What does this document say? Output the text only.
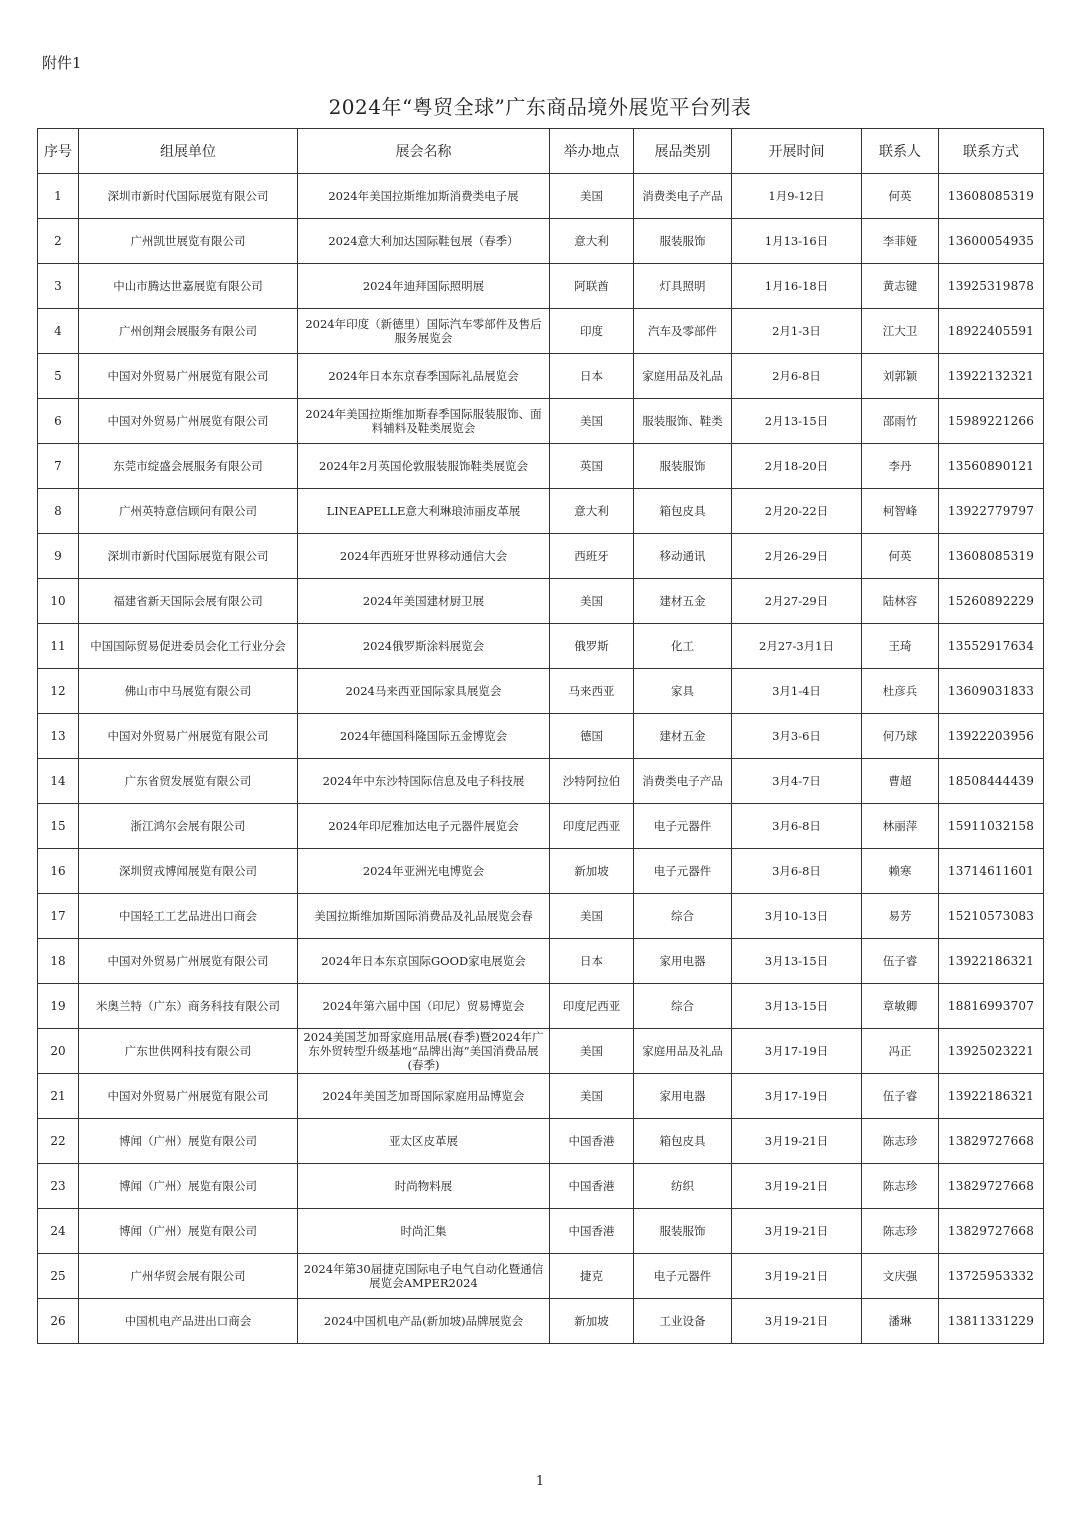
附件1
2024年“粤贸全球”广东商品境外展览平台列表
序号	组展单位	展会名称	举办地点	展品类别	开展时间	联系人	联系方式
1	深圳市新时代国际展览有限公司	2024年美国拉斯维加斯消费类电子展	美国	消费类电子产品	1月9-12日	何英	13608085319
2	广州凯世展览有限公司	2024意大利加达国际鞋包展（春季）	意大利	服装服饰	1月13-16日	李菲娅	13600054935
3	中山市腾达世嘉展览有限公司	2024年迪拜国际照明展	阿联酋	灯具照明	1月16-18日	黄志键	13925319878
4	广州创翔会展服务有限公司	2024年印度（新德里）国际汽车零部件及售后服务展览会	印度	汽车及零部件	2月1-3日	江大卫	18922405591
5	中国对外贸易广州展览有限公司	2024年日本东京春季国际礼品展览会	日本	家庭用品及礼品	2月6-8日	刘郭颖	13922132321
6	中国对外贸易广州展览有限公司	2024年美国拉斯维加斯春季国际服装服饰、面料辅料及鞋类展览会	美国	服装服饰、鞋类	2月13-15日	邵雨竹	15989221266
7	东莞市绽盛会展服务有限公司	2024年2月英国伦敦服装服饰鞋类展览会	英国	服装服饰	2月18-20日	李丹	13560890121
8	广州英特意信顾问有限公司	LINEAPELLE意大利琳琅沛丽皮革展	意大利	箱包皮具	2月20-22日	柯智峰	13922779797
9	深圳市新时代国际展览有限公司	2024年西班牙世界移动通信大会	西班牙	移动通讯	2月26-29日	何英	13608085319
10	福建省新天国际会展有限公司	2024年美国建材厨卫展	美国	建材五金	2月27-29日	陆林容	15260892229
11	中国国际贸易促进委员会化工行业分会	2024俄罗斯涂料展览会	俄罗斯	化工	2月27-3月1日	王琦	13552917634
12	佛山市中马展览有限公司	2024马来西亚国际家具展览会	马来西亚	家具	3月1-4日	杜彦兵	13609031833
13	中国对外贸易广州展览有限公司	2024年德国科隆国际五金博览会	德国	建材五金	3月3-6日	何乃球	13922203956
14	广东省贸发展览有限公司	2024年中东沙特国际信息及电子科技展	沙特阿拉伯	消费类电子产品	3月4-7日	曹超	18508444439
15	浙江鸿尔会展有限公司	2024年印尼雅加达电子元器件展览会	印度尼西亚	电子元器件	3月6-8日	林丽萍	15911032158
16	深圳贸戎博闻展览有限公司	2024年亚洲光电博览会	新加坡	电子元器件	3月6-8日	赖寒	13714611601
17	中国轻工工艺品进出口商会	美国拉斯维加斯国际消费品及礼品展览会春	美国	综合	3月10-13日	易芳	15210573083
18	中国对外贸易广州展览有限公司	2024年日本东京国际GOOD家电展览会	日本	家用电器	3月13-15日	伍子睿	13922186321
19	米奥兰特（广东）商务科技有限公司	2024年第六届中国（印尼）贸易博览会	印度尼西亚	综合	3月13-15日	章敏卿	18816993707
20	广东世供网科技有限公司	2024美国芝加哥家庭用品展(春季)暨2024年广东外贸转型升级基地“品牌出海”美国消费品展(春季)	美国	家庭用品及礼品	3月17-19日	冯正	13925023221
21	中国对外贸易广州展览有限公司	2024年美国芝加哥国际家庭用品博览会	美国	家用电器	3月17-19日	伍子睿	13922186321
22	博闻（广州）展览有限公司	亚太区皮革展	中国香港	箱包皮具	3月19-21日	陈志珍	13829727668
23	博闻（广州）展览有限公司	时尚物料展	中国香港	纺织	3月19-21日	陈志珍	13829727668
24	博闻（广州）展览有限公司	时尚汇集	中国香港	服装服饰	3月19-21日	陈志珍	13829727668
25	广州华贸会展有限公司	2024年第30届捷克国际电子电气自动化暨通信展览会AMPER2024	捷克	电子元器件	3月19-21日	文庆强	13725953332
26	中国机电产品进出口商会	2024中国机电产品(新加坡)品牌展览会	新加坡	工业设备	3月19-21日	潘琳	13811331229
1
